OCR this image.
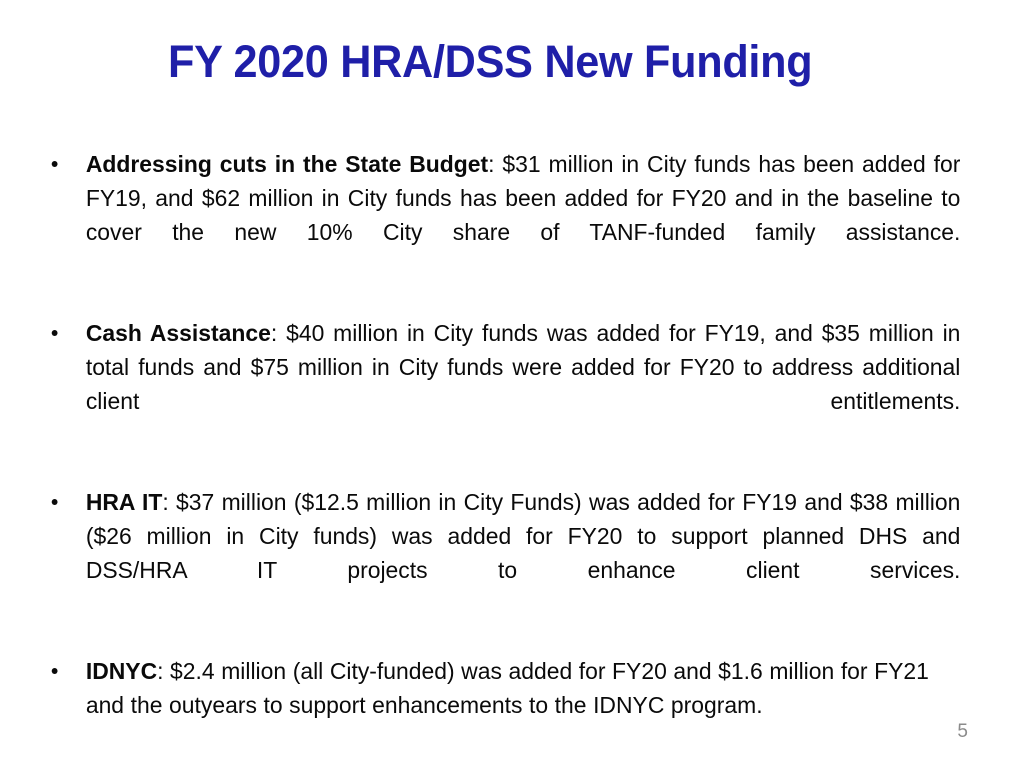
FY 2020 HRA/DSS New Funding
Addressing cuts in the State Budget: $31 million in City funds has been added for FY19, and $62 million in City funds has been added for FY20 and in the baseline to cover the new 10% City share of TANF-funded family assistance.
Cash Assistance: $40 million in City funds was added for FY19, and $35 million in total funds and $75 million in City funds were added for FY20 to address additional client entitlements.
HRA IT: $37 million ($12.5 million in City Funds) was added for FY19 and $38 million ($26 million in City funds) was added for FY20 to support planned DHS and DSS/HRA IT projects to enhance client services.
IDNYC: $2.4 million (all City-funded) was added for FY20 and $1.6 million for FY21 and the outyears to support enhancements to the IDNYC program.
5
